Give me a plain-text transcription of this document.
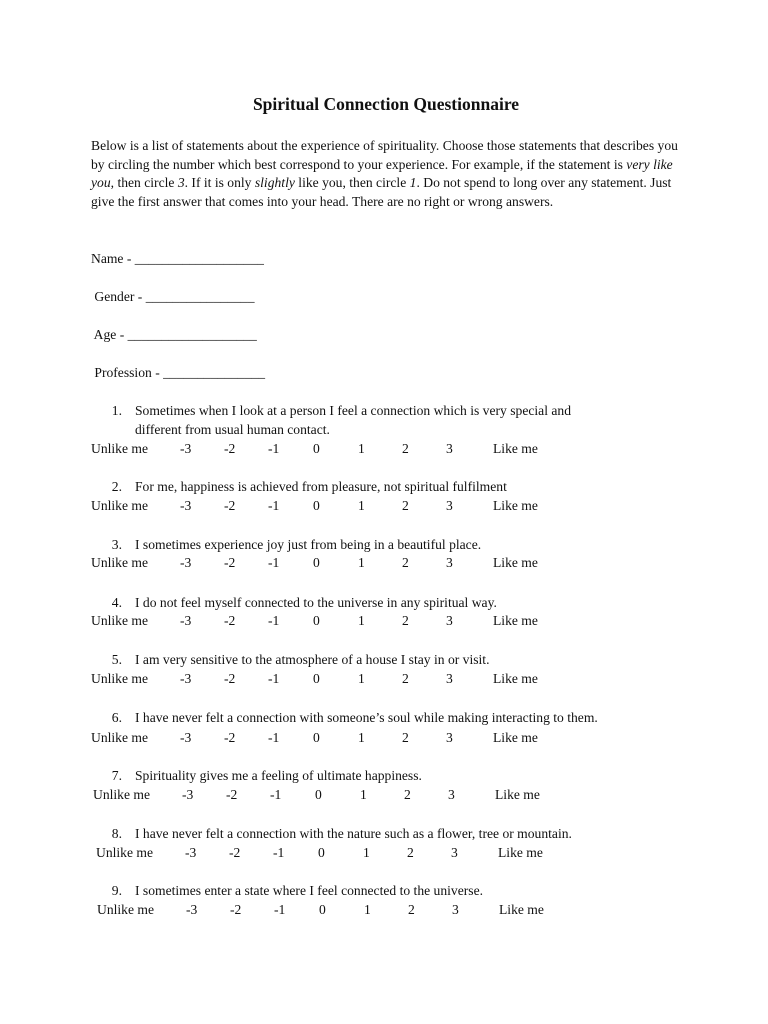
Spiritual Connection Questionnaire
Below is a list of statements about the experience of spirituality. Choose those statements that describes you by circling the number which best correspond to your experience. For example, if the statement is very like you, then circle 3. If it is only slightly like you, then circle 1. Do not spend to long over any statement. Just give the first answer that comes into your head. There are no right or wrong answers.
Name - ___________________
Gender - ________________
Age - ___________________
Profession - _______________
1. Sometimes when I look at a person I feel a connection which is very special and
different from usual human contact.
Unlike me -3 -2 -1 0	1	2	3	Like me
2. For me, happiness is achieved from pleasure, not spiritual fulfilment
Unlike me -3 -2 -1 0	1	2	3	Like me
3. I sometimes experience joy just from being in a beautiful place.
Unlike me -3 -2 -1 0	1	2	3	Like me
4. I do not feel myself connected to the universe in any spiritual way.
Unlike me -3 -2 -1 0	1	2	3	Like me
5. I am very sensitive to the atmosphere of a house I stay in or visit.
Unlike me -3 -2 -1 0	1	2	3	Like me
6. I have never felt a connection with someone’s soul while making interacting to them.
Unlike me -3 -2 -1 0	1	2	3	Like me
7. Spirituality gives me a feeling of ultimate happiness.
Unlike me -3 -2 -1 0	1	2	3	Like me
8. I have never felt a connection with the nature such as a flower, tree or mountain.
Unlike me -3 -2 -1 0	1	2	3	Like me
9. I sometimes enter a state where I feel connected to the universe.
Unlike me -3 -2 -1 0	1	2	3	Like me
